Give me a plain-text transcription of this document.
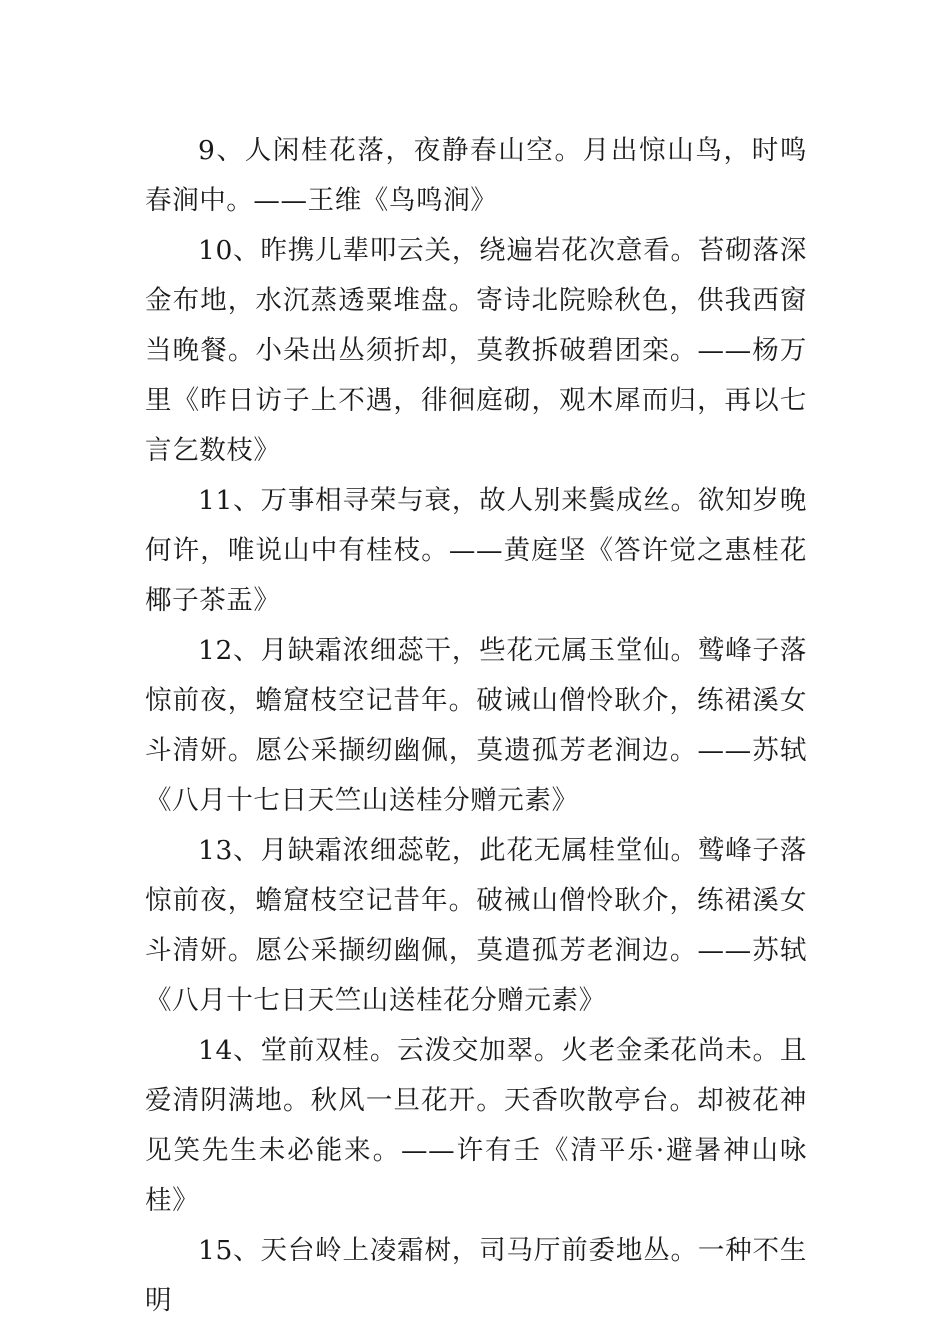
9、人闲桂花落，夜静春山空。月出惊山鸟，时鸣春涧中。——王维《鸟鸣涧》

10、昨携儿辈叩云关，绕遍岩花次意看。苔砌落深金布地，水沉蒸透粟堆盘。寄诗北院赊秋色，供我西窗当晚餐。小朵出丛须折却，莫教拆破碧团栾。——杨万里《昨日访子上不遇，徘徊庭砌，观木犀而归，再以七言乞数枝》

11、万事相寻荣与衰，故人别来鬓成丝。欲知岁晚何许，唯说山中有桂枝。——黄庭坚《答许觉之惠桂花椰子茶盂》

12、月缺霜浓细蕊干，些花元属玉堂仙。鹫峰子落惊前夜，蟾窟枝空记昔年。破诫山僧怜耿介，练裙溪女斗清妍。愿公采撷纫幽佩，莫遗孤芳老涧边。——苏轼《八月十七日天竺山送桂分赠元素》

13、月缺霜浓细蕊乾，此花无属桂堂仙。鹫峰子落惊前夜，蟾窟枝空记昔年。破祴山僧怜耿介，练裙溪女斗清妍。愿公采撷纫幽佩，莫遣孤芳老涧边。——苏轼《八月十七日天竺山送桂花分赠元素》

14、堂前双桂。云泼交加翠。火老金柔花尚未。且爱清阴满地。秋风一旦花开。天香吹散亭台。却被花神见笑先生未必能来。——许有壬《清平乐·避暑神山咏桂》

15、天台岭上凌霜树，司马厅前委地丛。一种不生明
